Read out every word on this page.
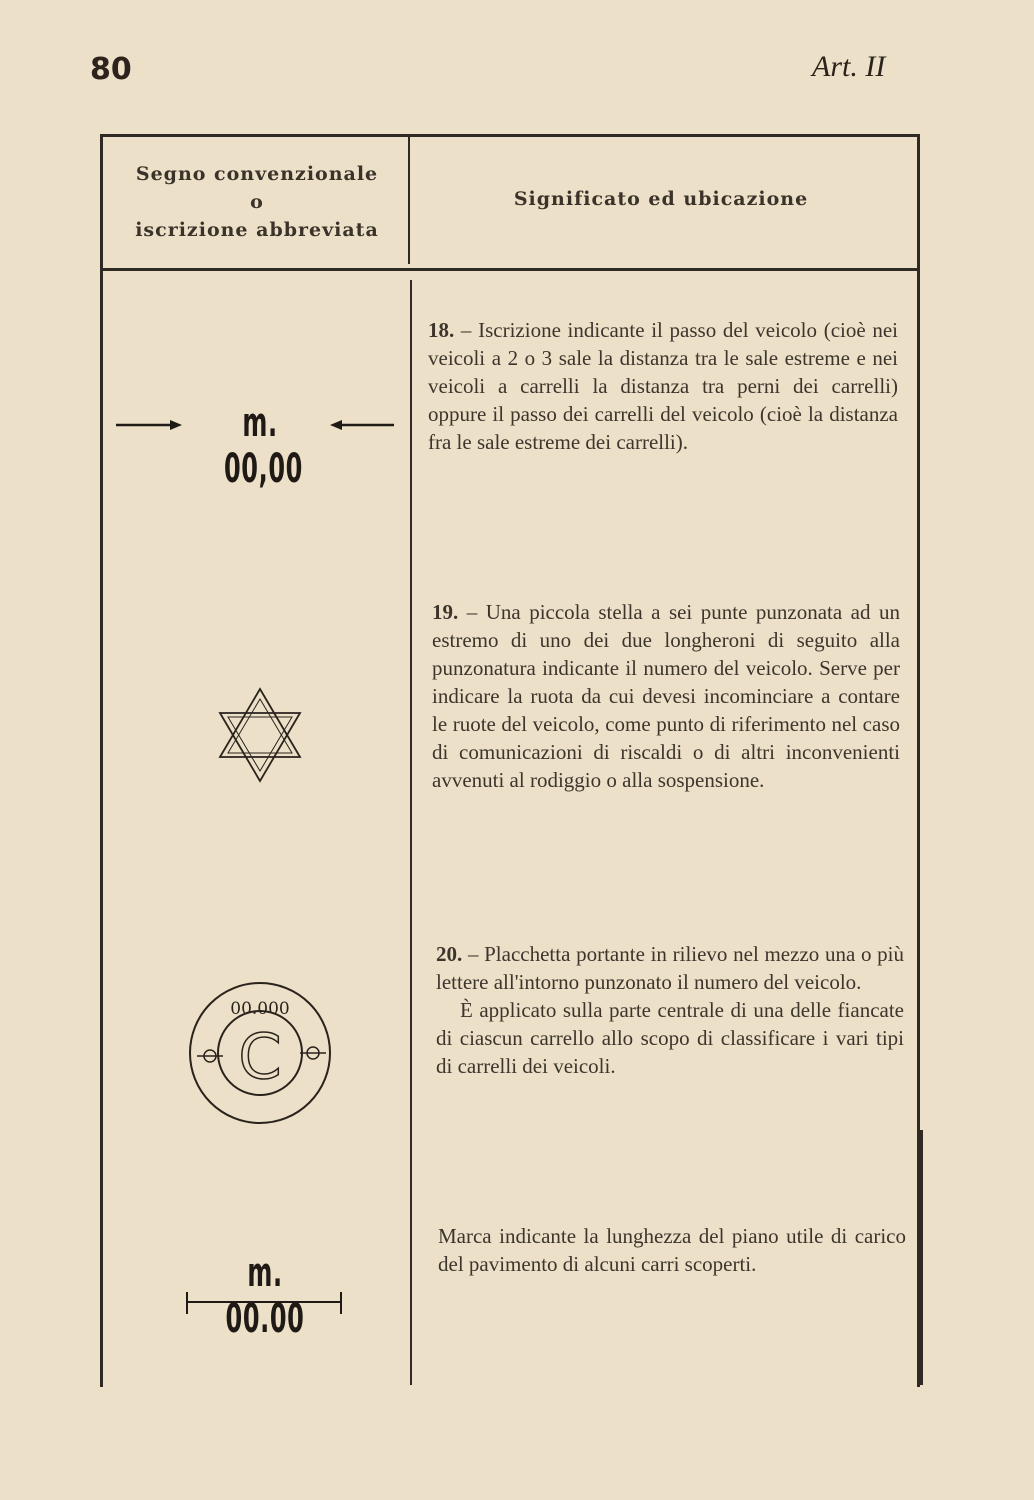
80	Art. II
Segno convenzionale
o
iscrizione abbreviata
Significato ed ubicazione
m. 00,00

18. – Iscrizione indicante il passo del veicolo (cioè nei veicoli a 2 o 3 sale la distanza tra le sale estreme e nei veicoli a carrelli la distanza tra perni dei carrelli) oppure il passo dei carrelli del veicolo (cioè la distanza fra le sale estreme dei carrelli).

19. – Una piccola stella a sei punte punzonata ad un estremo di uno dei due longheroni di seguito alla punzonatura indicante il numero del veicolo. Serve per indicare la ruota da cui devesi incominciare a contare le ruote del veicolo, come punto di riferimento nel caso di comunicazioni di riscaldi o di altri inconvenienti avvenuti al rodiggio o alla sospensione.

00.000
C

20. – Placchetta portante in rilievo nel mezzo una o più lettere all'intorno punzonato il numero del veicolo.

È applicato sulla parte centrale di una delle fiancate di ciascun carrello allo scopo di classificare i vari tipi di carrelli dei veicoli.

m. 00.00

Marca indicante la lunghezza del piano utile di carico del pavimento di alcuni carri scoperti.
